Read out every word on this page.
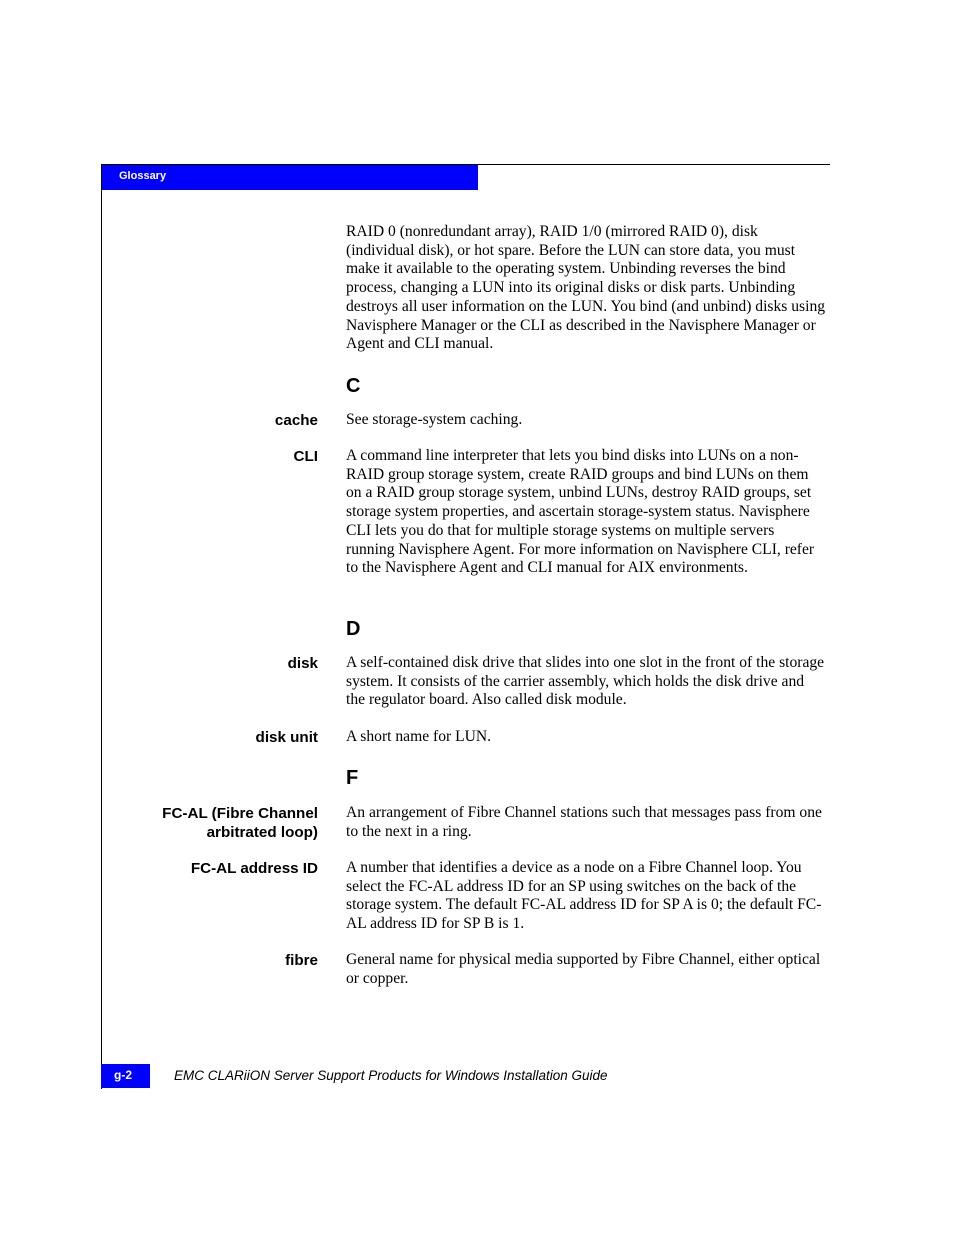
Glossary
RAID 0 (nonredundant array), RAID 1/0 (mirrored RAID 0), disk (individual disk), or hot spare. Before the LUN can store data, you must make it available to the operating system. Unbinding reverses the bind process, changing a LUN into its original disks or disk parts. Unbinding destroys all user information on the LUN. You bind (and unbind) disks using Navisphere Manager or the CLI as described in the Navisphere Manager or Agent and CLI manual.
C
cache See storage-system caching.
CLI A command line interpreter that lets you bind disks into LUNs on a non-RAID group storage system, create RAID groups and bind LUNs on them on a RAID group storage system, unbind LUNs, destroy RAID groups, set storage system properties, and ascertain storage-system status. Navisphere CLI lets you do that for multiple storage systems on multiple servers running Navisphere Agent. For more information on Navisphere CLI, refer to the Navisphere Agent and CLI manual for AIX environments.
D
disk A self-contained disk drive that slides into one slot in the front of the storage system. It consists of the carrier assembly, which holds the disk drive and the regulator board. Also called disk module.
disk unit A short name for LUN.
F
FC-AL (Fibre Channel
arbitrated loop)
An arrangement of Fibre Channel stations such that messages pass from one to the next in a ring.
FC-AL address ID A number that identifies a device as a node on a Fibre Channel loop. You select the FC-AL address ID for an SP using switches on the back of the storage system. The default FC-AL address ID for SP A is 0; the default FC-AL address ID for SP B is 1.
fibre General name for physical media supported by Fibre Channel, either optical or copper.
g-2	EMC CLARiiON Server Support Products for Windows Installation Guide
